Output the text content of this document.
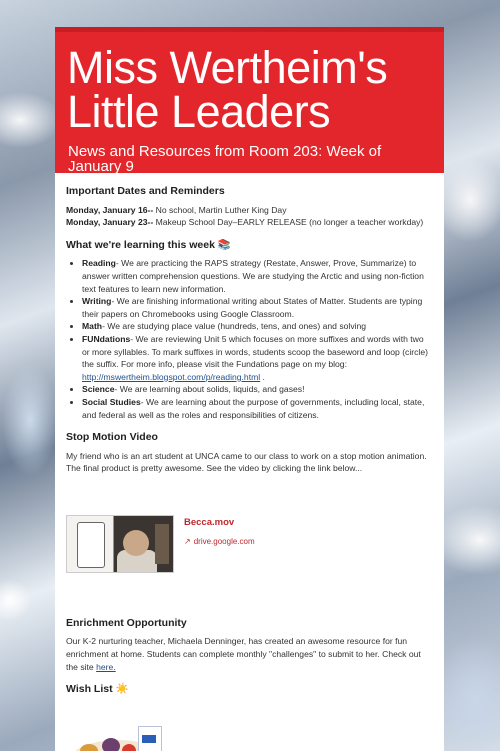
Miss Wertheim's Little Leaders
News and Resources from Room 203: Week of January 9
Important Dates and Reminders

Monday, January 16-- No school, Martin Luther King Day

Monday, January 23-- Makeup School Day–EARLY RELEASE (no longer a teacher workday)

What we're learning this week 📚
• Reading- We are practicing the RAPS strategy (Restate, Answer, Prove, Summarize) to answer written comprehension questions. We are studying the Arctic and using non-fiction text features to learn new information.
• Writing- We are finishing informational writing about States of Matter. Students are typing their papers on Chromebooks using Google Classroom.
• Math- We are studying place value (hundreds, tens, and ones) and solving
• FUNdations- We are reviewing Unit 5 which focuses on more suffixes and words with two or more syllables. To mark suffixes in words, students scoop the baseword and loop (circle) the suffix. For more info, please visit the Fundations page on my blog: http://mswertheim.blogspot.com/p/reading.html .
• Science- We are learning about solids, liquids, and gases!
• Social Studies- We are learning about the purpose of governments, including local, state, and federal as well as the roles and responsibilities of citizens.
Stop Motion Video

My friend who is an art student at UNCA came to our class to work on a stop motion animation. The final product is pretty awesome. See the video by clicking the link below...

Becca.mov
↗ drive.google.com
Enrichment Opportunity

Our K-2 nurturing teacher, Michaela Denninger, has created an awesome resource for fun enrichment at home. Students can complete monthly "challenges" to submit to her. Check out the site here.

Wish List ☀️
